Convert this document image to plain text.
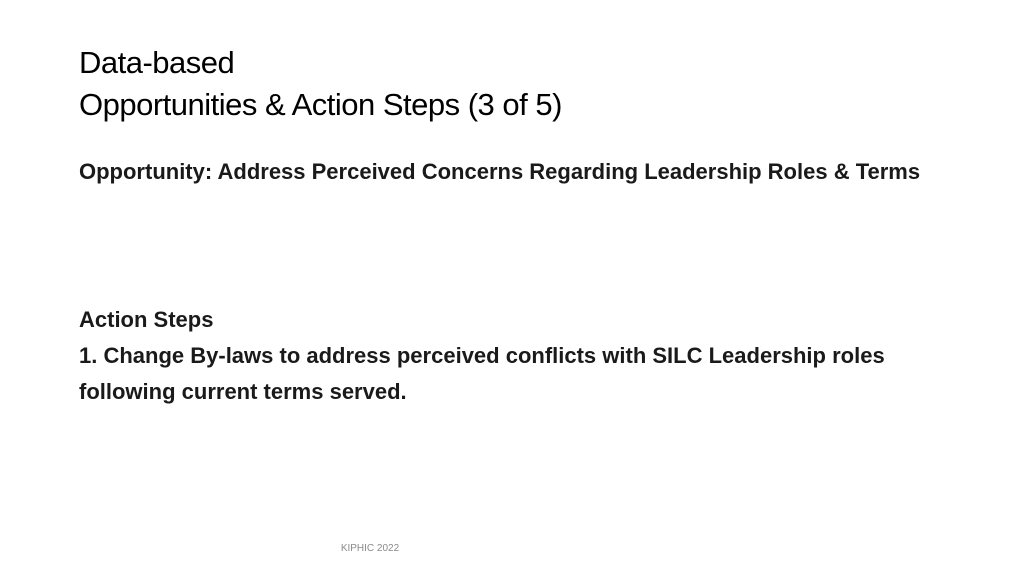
Data-based
Opportunities & Action Steps (3 of 5)

Opportunity: Address Perceived Concerns Regarding Leadership Roles & Terms

Action Steps
1. Change By-laws to address perceived conflicts with SILC Leadership roles following current terms served.
KIPHIC 2022
